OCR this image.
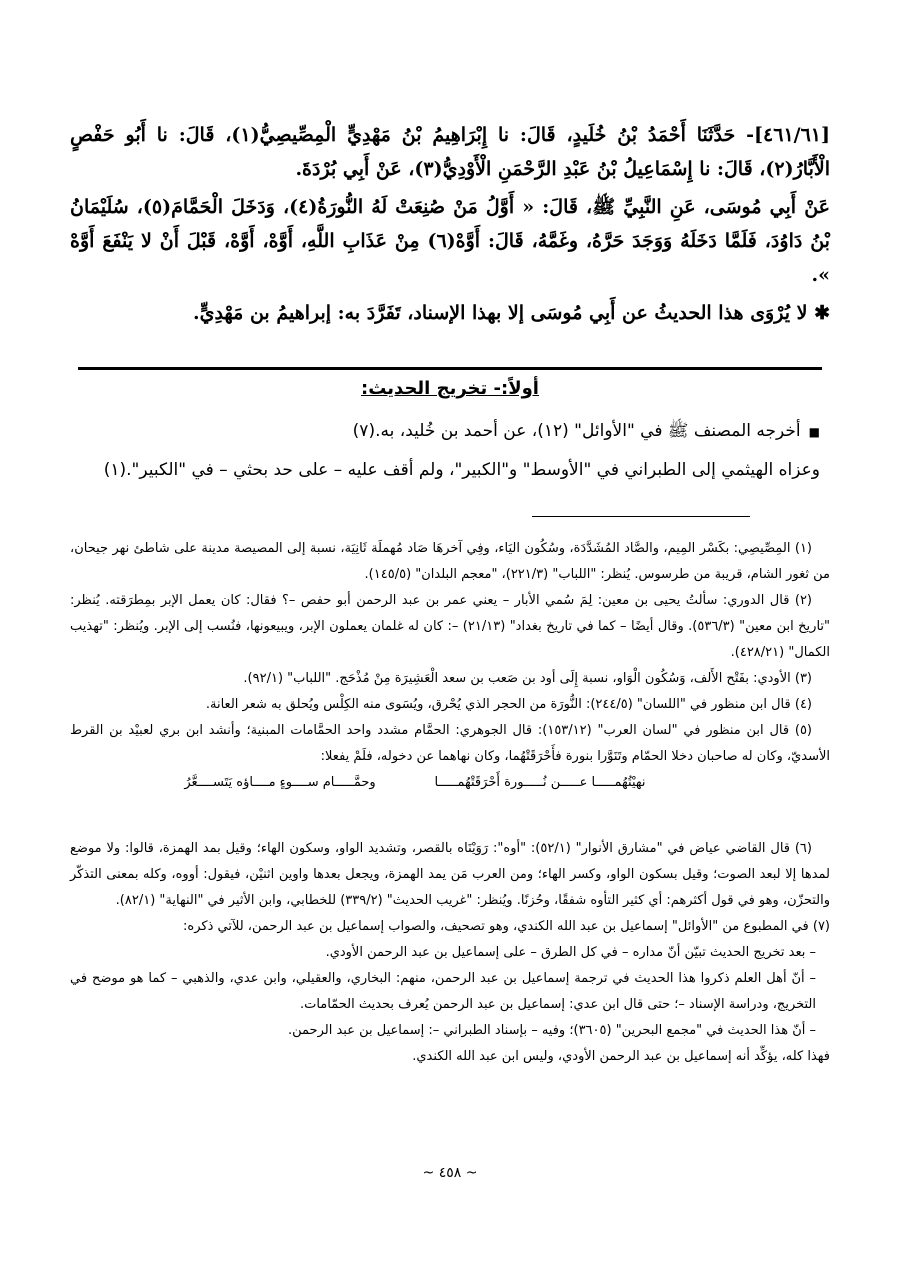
[٤٦١/٦١]- حَدَّثَنَا أَحْمَدُ بْنُ خُلَيدٍ، قَالَ: نا إِبْرَاهِيمُ بْنُ مَهْدِيٍّ الْمِصِّيصِيُّ(١)، قَالَ: نا أَبُو حَفْصٍ الْأَبَّارُ(٢)، قَالَ: نا إِسْمَاعِيلُ بْنُ عَبْدِ الرَّحْمَنِ الْأَوْدِيُّ(٣)، عَنْ أَبِي بُرْدَةَ.

عَنْ أَبِي مُوسَى، عَنِ النَّبِيِّ ﷺ، قَالَ: « أَوَّلُ مَنْ صُنِعَتْ لَهُ النُّورَةُ(٤)، وَدَخَلَ الْحَمَّامَ(٥)، سُلَيْمَانُ بْنُ دَاوُدَ، فَلَمَّا دَخَلَهُ وَوَجَدَ حَرَّهُ، وغَمَّهُ، قَالَ: أَوَّهْ(٦) مِنْ عَذَابِ اللَّهِ، أَوَّهْ، أَوَّهْ، قَبْلَ أَنْ لا يَنْفَعَ أَوَّهْ ».

✱ لا يُرْوَى هذا الحديثُ عن أَبِي مُوسَى إلا بهذا الإسناد، تَفَرَّدَ به: إبراهيمُ بن مَهْدِيٍّ.

أولاً:- تخريج الحديث:

■أخرجه المصنف ﷺ في "الأوائل" (١٢)، عن أحمد بن خُليد، به.(٧)

وعزاه الهيثمي إلى الطبراني في "الأوسط" و"الكبير"، ولم أقف عليه – على حد بحثي – في "الكبير".(١)

(١) المِصِّيصِي: بكَسْر المِيم، والصَّاد المُشَدَّدَة، وسُكُون اليَاء، وفِي آخرهَا صَاد مُهملَة ثَانِيَة، نسبة إلى المصيصة مدينة على شاطئ نهر جيحان، من ثغور الشام، قريبة من طرسوس. يُنظر: "اللباب" (٢٢١/٣)، "معجم البلدان" (١٤٥/٥).

(٢) قال الدوري: سألتُ يحيى بن معين: لِمَ سُمي الأبار – يعني عمر بن عبد الرحمن أبو حفص –؟ فقال: كان يعمل الإبر بمِطرَقته. يُنظر: "تاريخ ابن معين" (٥٣٦/٣). وقال أيضًا – كما في تاريخ بغداد" (٢١/١٣) –: كان له غلمان يعملون الإبر، ويبيعونها، فنُسب إلى الإبر. ويُنظر: "تهذيب الكمال" (٤٢٨/٢١).

(٣) الأودي: بفَتْح الأَلف، وَسُكُون الْوَاو، نسبة إِلَى أود بن صَعب بن سعد الْعَشِيرَة مِنْ مُذْحَج. "اللباب" (٩٢/١).

(٤) قال ابن منظور في "اللسان" (٢٤٤/٥): النُّورَة من الحجر الذي يُحْرق، ويُسَوى منه الكِلْس ويُحلق به شعر العانة.

(٥) قال ابن منظور في "لسان العرب" (١٥٣/١٢): قال الجوهري: الحمَّام مشدد واحد الحمَّامات المبنية؛ وأنشد ابن بري لعبيْد بن القرط الأسديّ، وكان له صاحبان دخلا الحمّام وتَنَوَّرا بنورة فأَحْرَقَتْهُما، وكان نهاهما عن دخوله، فلَمْ يفعلا:

نهيْتُهُمـــــا عـــــن نُـــــورة أَحْرَقَتْهُمـــــا
وحمَّـــــام ســــوءٍ مــــاؤه يَتَســــعَّرُ

(٦) قال القاضي عياض في "مشارق الأنوار" (٥٢/١): "أوه": رَوَيْنَاه بالقصر، وتشديد الواو، وسكون الهاء؛ وقيل بمد الهمزة، قالوا: ولا موضع لمدها إلا لبعد الصوت؛ وقيل بسكون الواو، وكسر الهاء؛ ومن العرب مَن يمد الهمزة، ويجعل بعدها واوين اثنيْن، فيقول: أووه، وكله بمعنى التذكّر والتحزّن، وهو في قول أكثرهم: أي كثير التأوه شفقًا، وحُزنًا. ويُنظر: "غريب الحديث" (٣٣٩/٢) للخطابي، وابن الأثير في "النهاية" (٨٢/١).

(٧) في المطبوع من "الأوائل" إسماعيل بن عبد الله الكندي، وهو تصحيف، والصواب إسماعيل بن عبد الرحمن، للآتي ذكره:

– بعد تخريج الحديث تبيّن أنّ مداره – في كل الطرق – على إسماعيل بن عبد الرحمن الأودي.

– أنّ أهل العلم ذكروا هذا الحديث في ترجمة إسماعيل بن عبد الرحمن، منهم: البخاري، والعقيلي، وابن عدي، والذهبي – كما هو موضح في التخريج، ودراسة الإسناد –؛ حتى قال ابن عدي: إسماعيل بن عبد الرحمن يُعرف بحديث الحمّامات.

– أنّ هذا الحديث في "مجمع البحرين" (٣٦٠٥)؛ وفيه – بإسناد الطبراني –: إسماعيل بن عبد الرحمن.

فهذا كله، يؤكِّد أنه إسماعيل بن عبد الرحمن الأودي، وليس ابن عبد الله الكندي.

~ ٤٥٨ ~
